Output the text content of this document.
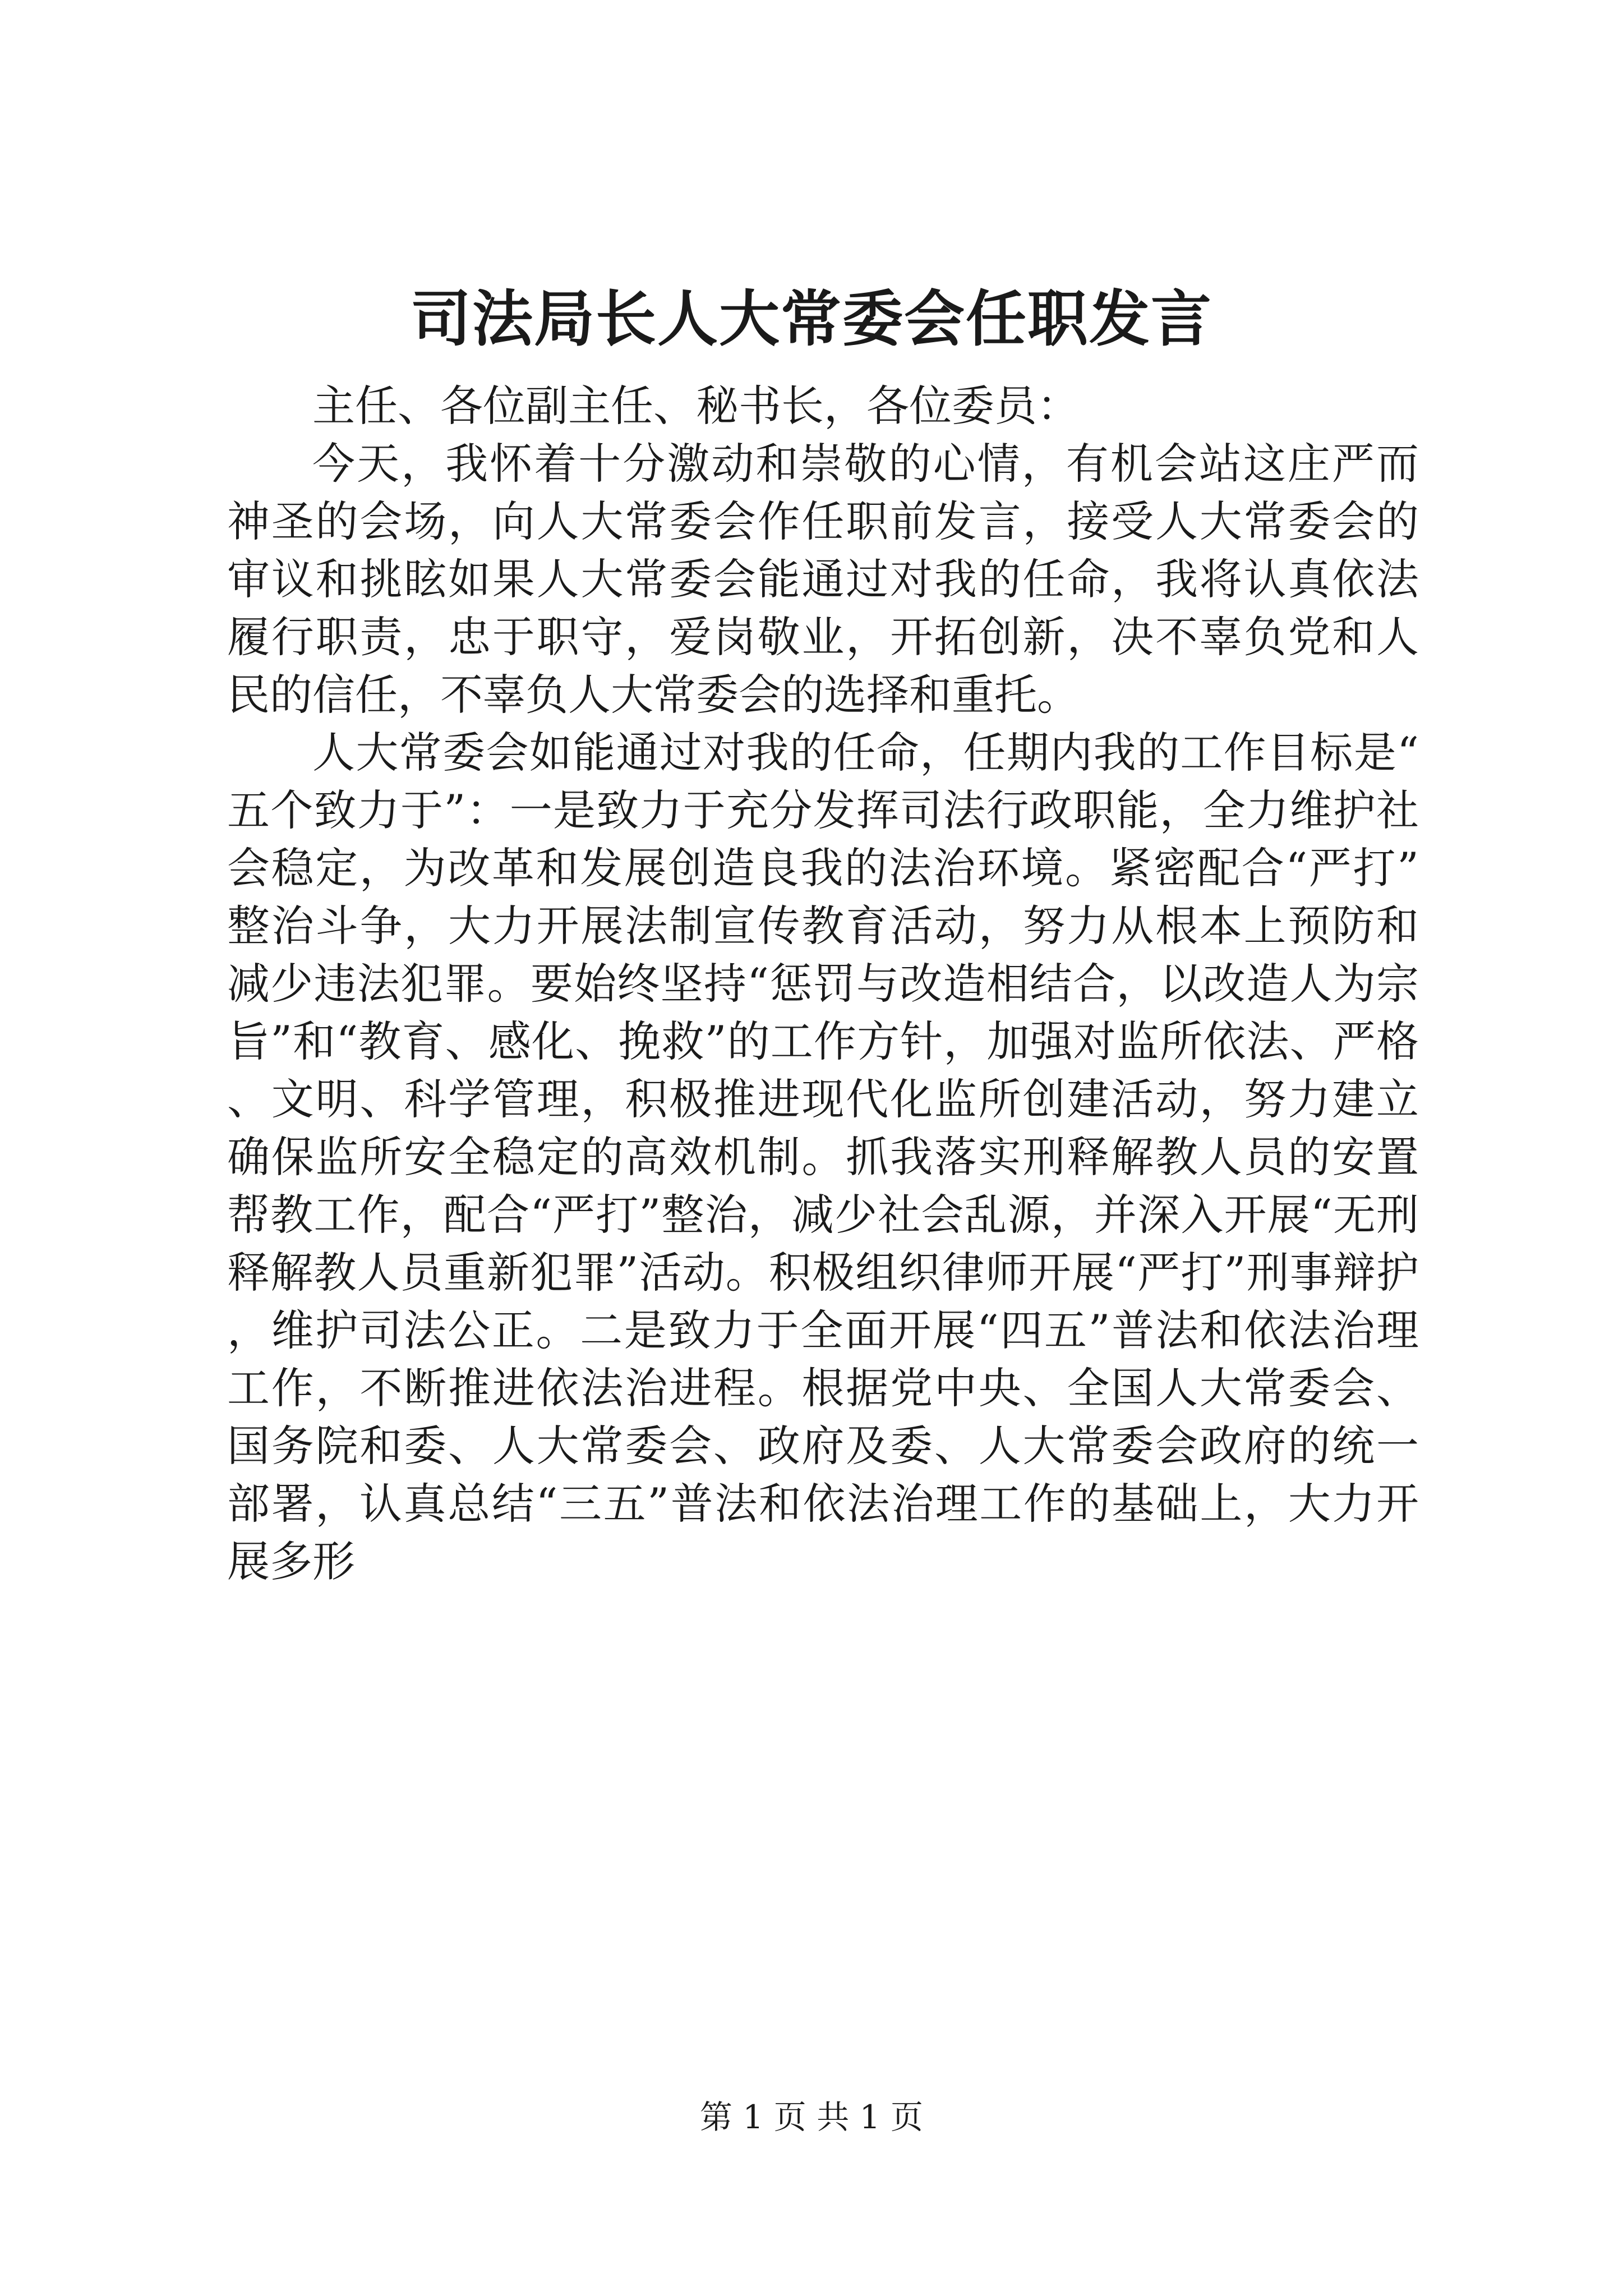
司法局长人大常委会任职发言

主任、各位副主任、秘书长，各位委员：

今天，我怀着十分激动和崇敬的心情，有机会站这庄严而神圣的会场，向人大常委会作任职前发言，接受人大常委会的审议和挑眩如果人大常委会能通过对我的任命，我将认真依法履行职责，忠于职守，爱岗敬业，开拓创新，决不辜负党和人民的信任，不辜负人大常委会的选择和重托。

人大常委会如能通过对我的任命，任期内我的工作目标是“五个致力于”：一是致力于充分发挥司法行政职能，全力维护社会稳定，为改革和发展创造良我的法治环境。紧密配合“严打”整治斗争，大力开展法制宣传教育活动，努力从根本上预防和减少违法犯罪。要始终坚持“惩罚与改造相结合，以改造人为宗旨”和“教育、感化、挽救”的工作方针，加强对监所依法、严格、文明、科学管理，积极推进现代化监所创建活动，努力建立确保监所安全稳定的高效机制。抓我落实刑释解教人员的安置帮教工作，配合“严打”整治，减少社会乱源，并深入开展“无刑释解教人员重新犯罪”活动。积极组织律师开展“严打”刑事辩护，维护司法公正。二是致力于全面开展“四五”普法和依法治理工作，不断推进依法治进程。根据党中央、全国人大常委会、国务院和委、人大常委会、政府及委、人大常委会政府的统一部署，认真总结“三五”普法和依法治理工作的基础上，大力开展多形

第 1 页 共 1 页
